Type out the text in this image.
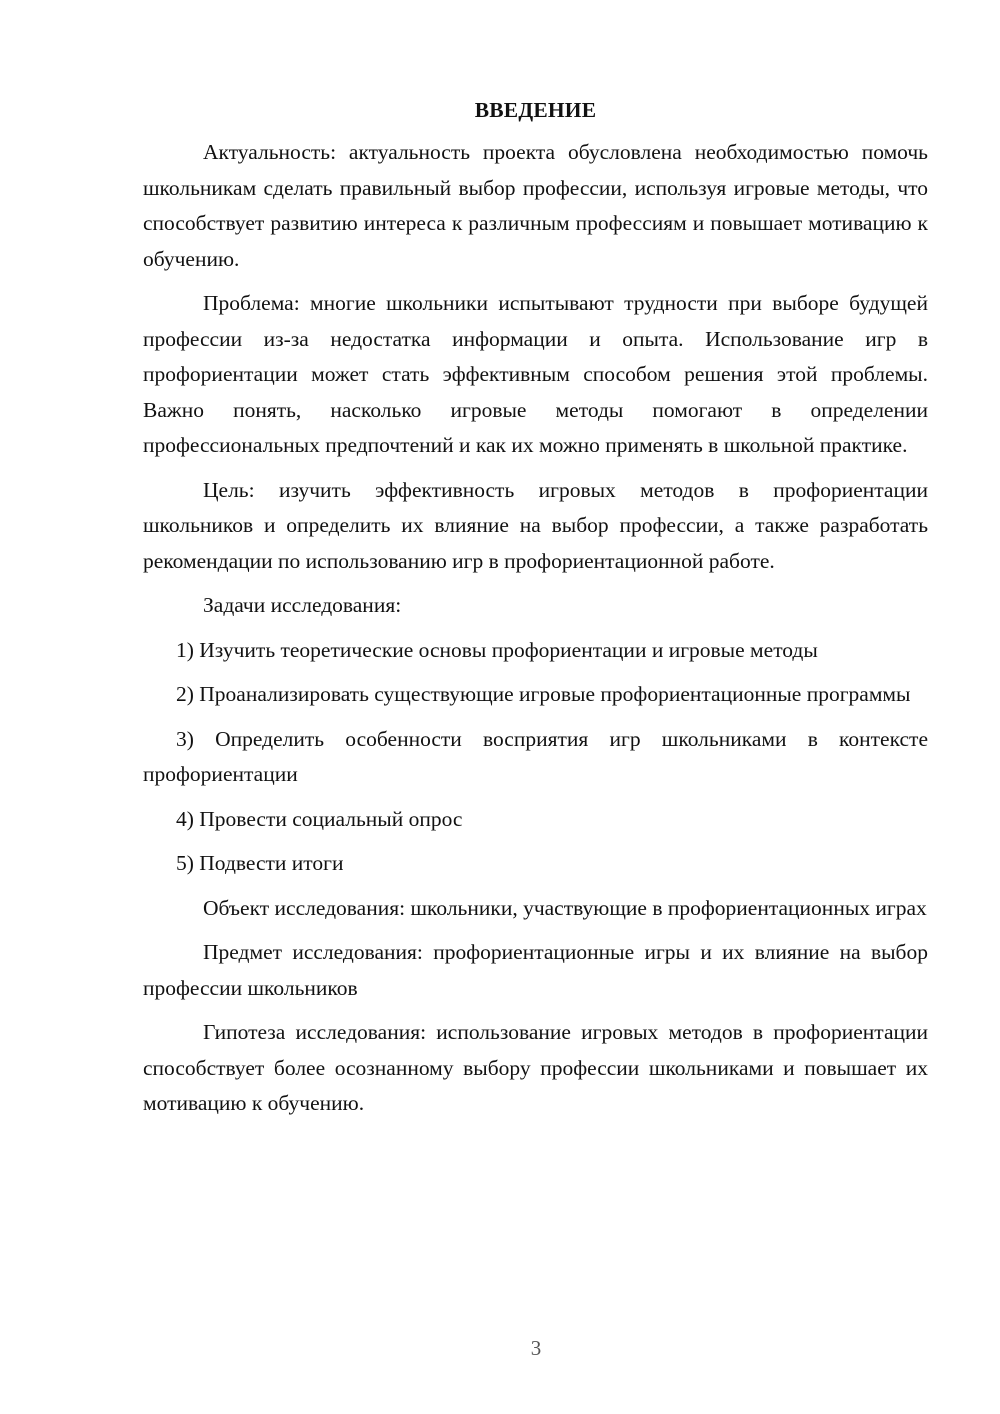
ВВЕДЕНИЕ

Актуальность: актуальность проекта обусловлена необходимостью помочь школьникам сделать правильный выбор профессии, используя игровые методы, что способствует развитию интереса к различным профессиям и повышает мотивацию к обучению.

Проблема: многие школьники испытывают трудности при выборе будущей профессии из-за недостатка информации и опыта. Использование игр в профориентации может стать эффективным способом решения этой проблемы. Важно понять, насколько игровые методы помогают в определении профессиональных предпочтений и как их можно применять в школьной практике.

Цель: изучить эффективность игровых методов в профориентации школьников и определить их влияние на выбор профессии, а также разработать рекомендации по использованию игр в профориентационной работе.

Задачи исследования:

1) Изучить теоретические основы профориентации и игровые методы

2) Проанализировать существующие игровые профориентационные программы

3) Определить особенности восприятия игр школьниками в контексте профориентации

4) Провести социальный опрос

5) Подвести итоги

Объект исследования: школьники, участвующие в профориентационных играх

Предмет исследования: профориентационные игры и их влияние на выбор профессии школьников

Гипотеза исследования: использование игровых методов в профориентации способствует более осознанному выбору профессии школьниками и повышает их мотивацию к обучению.

3
